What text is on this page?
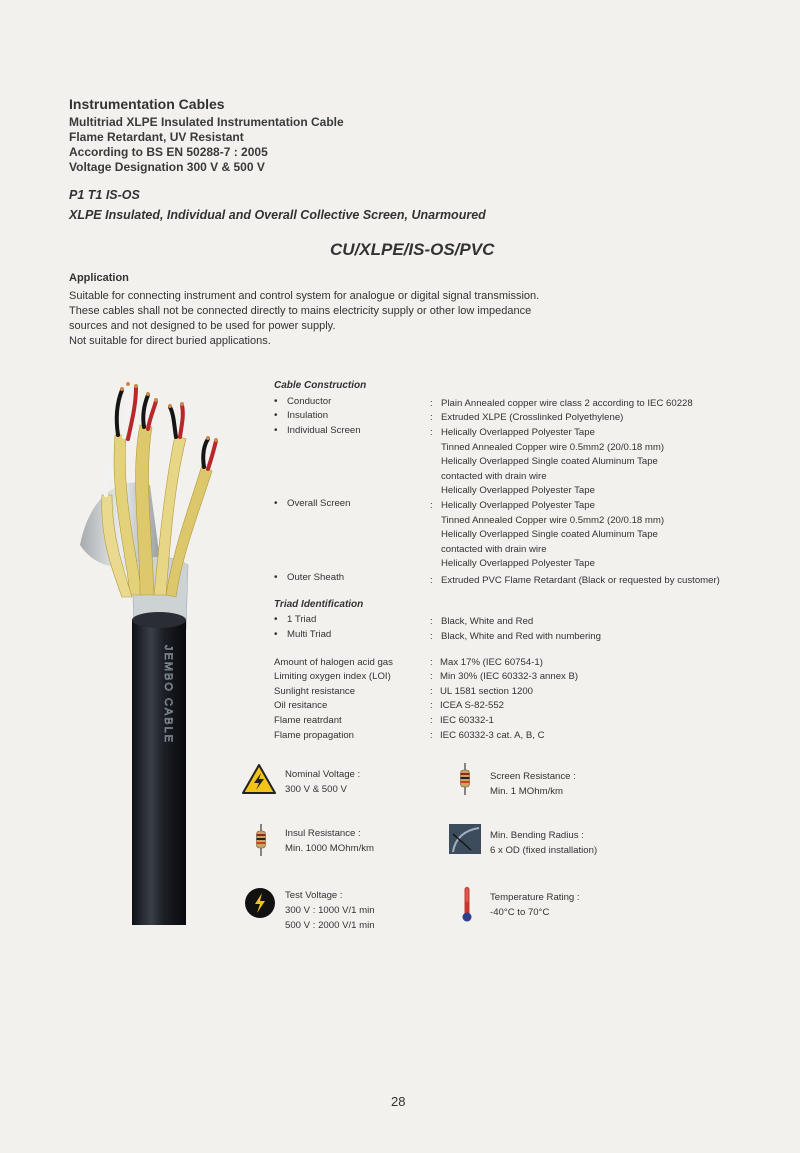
Instrumentation Cables
Multitriad XLPE Insulated Instrumentation Cable
Flame Retardant, UV Resistant
According to BS EN 50288-7 : 2005
Voltage Designation 300 V & 500 V
P1 T1 IS-OS
XLPE Insulated, Individual and Overall Collective Screen, Unarmoured
CU/XLPE/IS-OS/PVC
Application
Suitable for connecting instrument and control system for analogue or digital signal transmission.
These cables shall not be connected directly to mains electricity supply or other low impedance
sources and not designed to be used for power supply.
Not suitable for direct buried applications.
JEMBO CABLE
Cable Construction
• Conductor	: Plain Annealed copper wire class 2 according to IEC 60228
• Insulation	: Extruded XLPE (Crosslinked Polyethylene)
• Individual Screen	: Helically Overlapped Polyester Tape
Tinned Annealed Copper wire 0.5mm2 (20/0.18 mm)
Helically Overlapped Single coated Aluminum Tape
contacted with drain wire
Helically Overlapped Polyester Tape
• Overall Screen	: Helically Overlapped Polyester Tape
Tinned Annealed Copper wire 0.5mm2 (20/0.18 mm)
Helically Overlapped Single coated Aluminum Tape
contacted with drain wire
Helically Overlapped Polyester Tape
• Outer Sheath	: Extruded PVC Flame Retardant (Black or requested by customer)
Triad Identification
• 1 Triad	: Black, White and Red
• Multi Triad	: Black, White and Red with numbering
Amount of halogen acid gas	: Max 17% (IEC 60754-1)
Limiting oxygen index (LOI)	: Min 30% (IEC 60332-3 annex B)
Sunlight resistance	: UL 1581 section 1200
Oil resitance	: ICEA S-82-552
Flame reatrdant	: IEC 60332-1
Flame propagation	: IEC 60332-3 cat. A, B, C
Nominal Voltage :
300 V & 500 V
Screen Resistance :
Min. 1 MOhm/km
Insul Resistance :
Min. 1000 MOhm/km
Min. Bending Radius :
6 x OD (fixed installation)
Test Voltage :
300 V : 1000 V/1 min
500 V : 2000 V/1 min
Temperature Rating :
-40°C to 70°C
28
